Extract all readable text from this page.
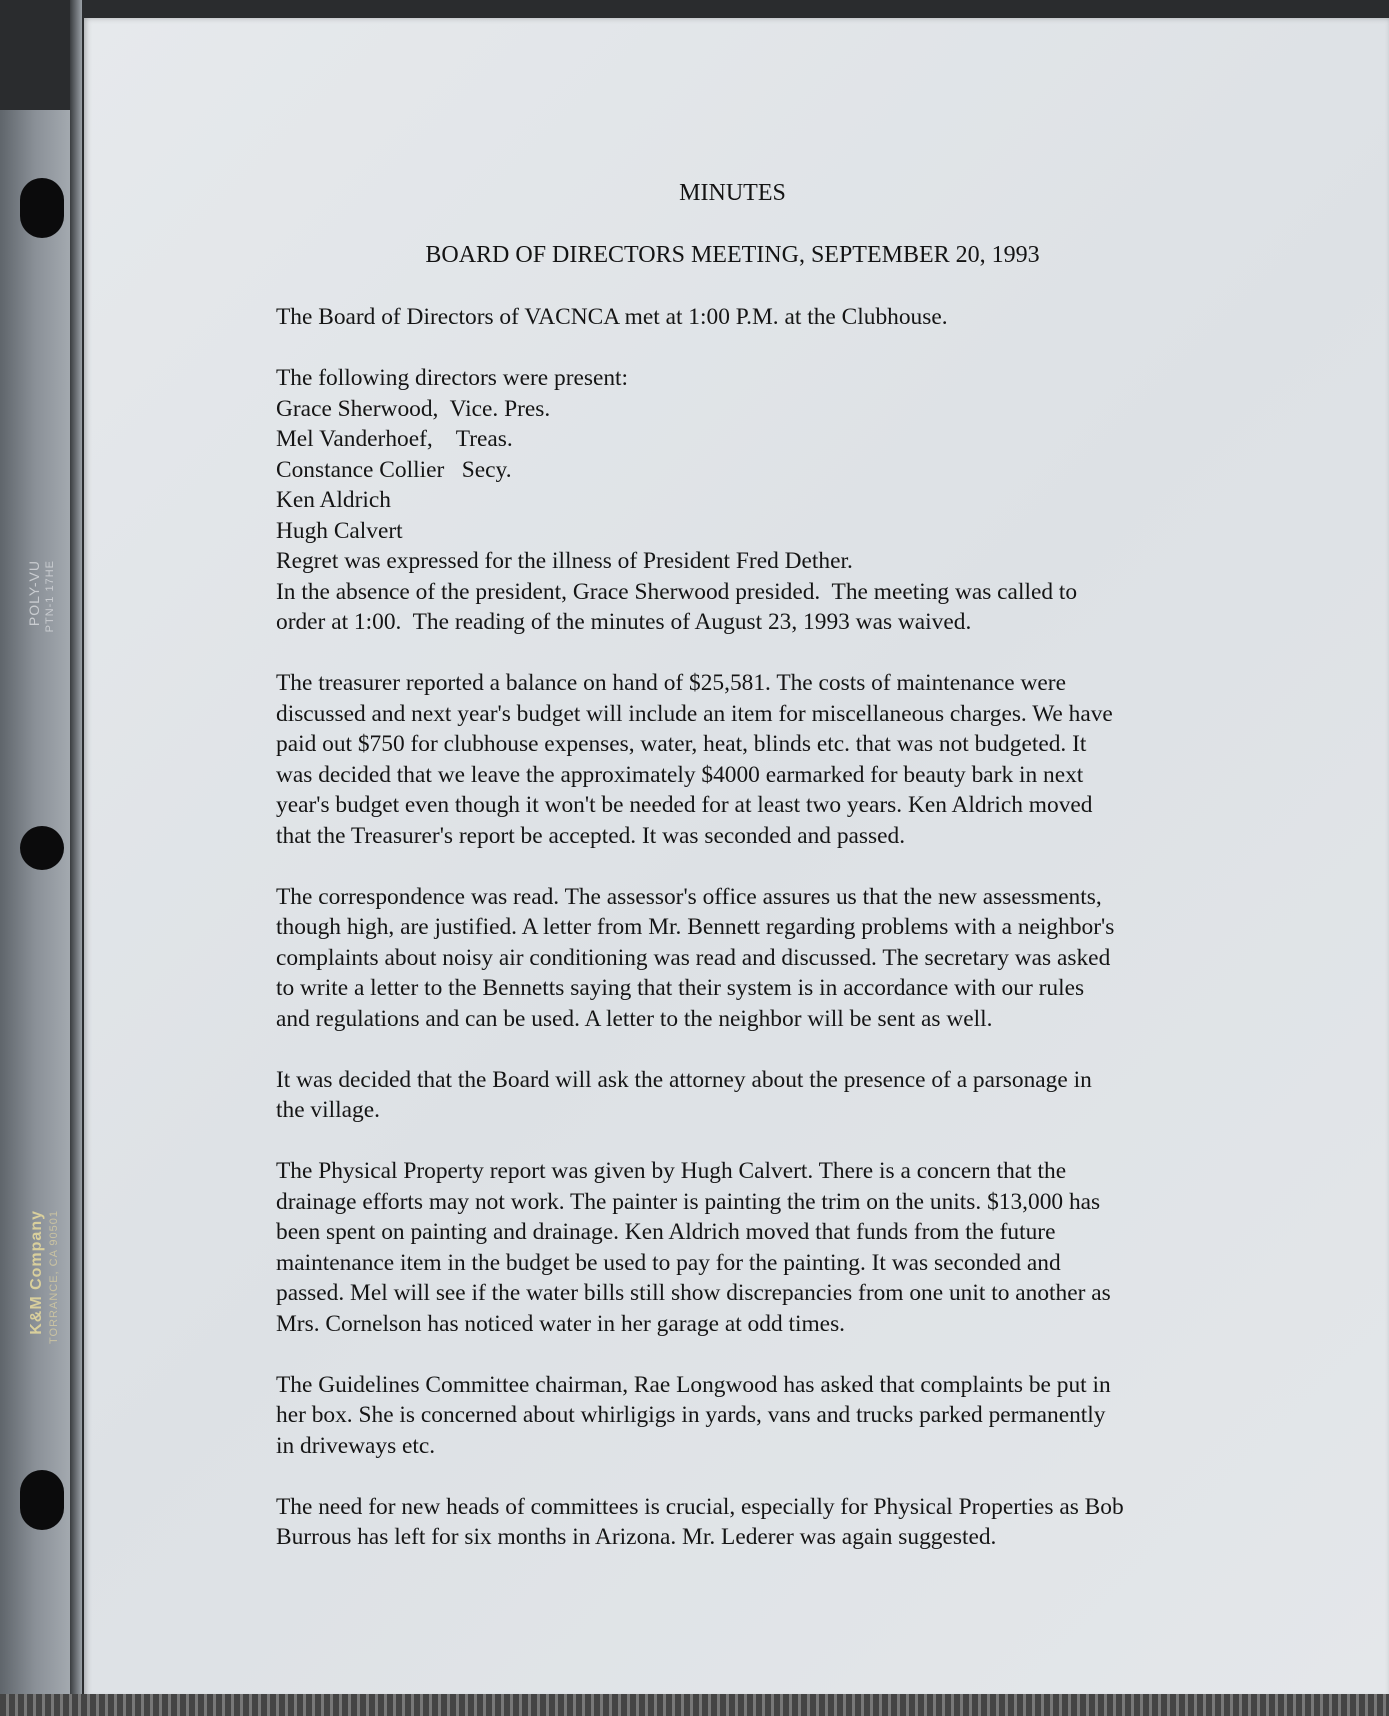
POLY-VU PTN-1 17HE
K&M Company TORRANCE, CA 90501
MINUTES
BOARD OF DIRECTORS MEETING, SEPTEMBER 20, 1993

The Board of Directors of VACNCA met at 1:00 P.M. at the Clubhouse.

The following directors were present:
Grace Sherwood,  Vice. Pres.
Mel Vanderhoef,    Treas.
Constance Collier   Secy.
Ken Aldrich
Hugh Calvert
Regret was expressed for the illness of President Fred Dether.
In the absence of the president, Grace Sherwood presided.  The meeting was called to
order at 1:00.  The reading of the minutes of August 23, 1993 was waived.

The treasurer reported a balance on hand of $25,581. The costs of maintenance were
discussed and next year's budget will include an item for miscellaneous charges. We have
paid out $750 for clubhouse expenses, water, heat, blinds etc. that was not budgeted. It
was decided that we leave the approximately $4000 earmarked for beauty bark in next
year's budget even though it won't be needed for at least two years. Ken Aldrich moved
that the Treasurer's report be accepted. It was seconded and passed.

The correspondence was read. The assessor's office assures us that the new assessments,
though high, are justified. A letter from Mr. Bennett regarding problems with a neighbor's
complaints about noisy air conditioning was read and discussed. The secretary was asked
to write a letter to the Bennetts saying that their system is in accordance with our rules
and regulations and can be used. A letter to the neighbor will be sent as well.

It was decided that the Board will ask the attorney about the presence of a parsonage in
the village.

The Physical Property report was given by Hugh Calvert. There is a concern that the
drainage efforts may not work. The painter is painting the trim on the units. $13,000 has
been spent on painting and drainage. Ken Aldrich moved that funds from the future
maintenance item in the budget be used to pay for the painting. It was seconded and
passed. Mel will see if the water bills still show discrepancies from one unit to another as
Mrs. Cornelson has noticed water in her garage at odd times.

The Guidelines Committee chairman, Rae Longwood has asked that complaints be put in
her box. She is concerned about whirligigs in yards, vans and trucks parked permanently
in driveways etc.

The need for new heads of committees is crucial, especially for Physical Properties as Bob
Burrous has left for six months in Arizona. Mr. Lederer was again suggested.
